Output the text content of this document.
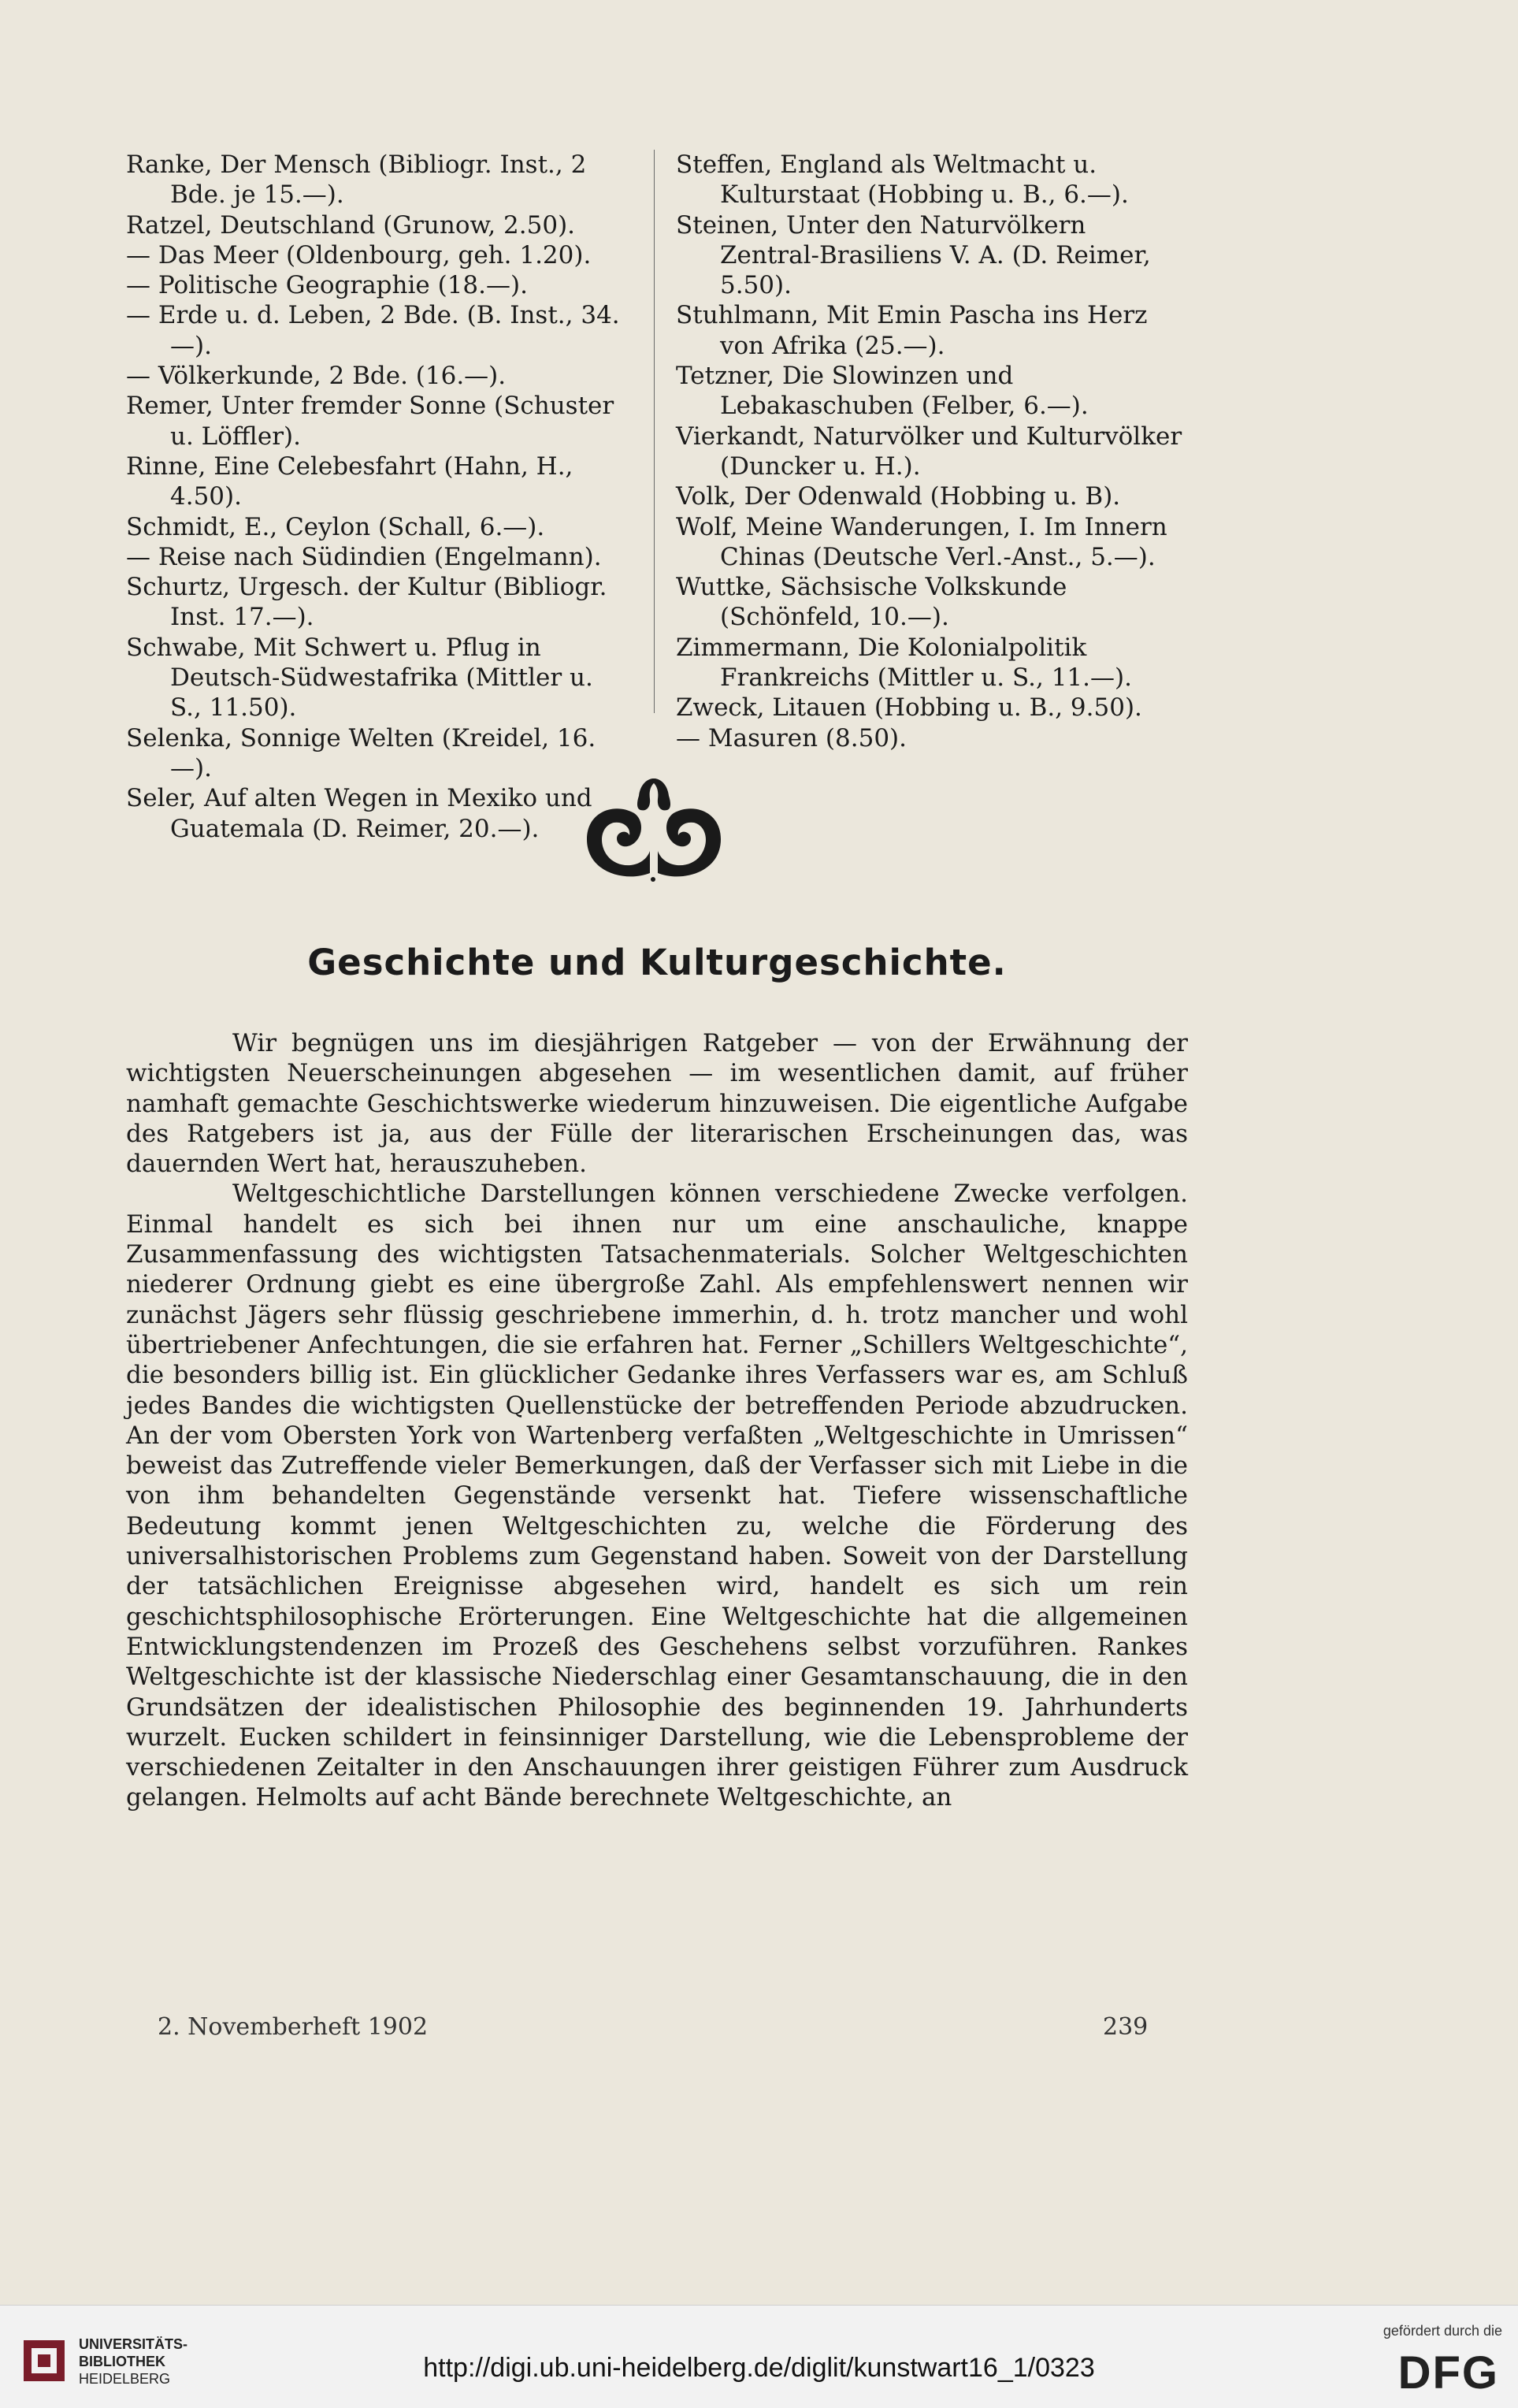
Ranke, Der Mensch (Bibliogr. Inst., 2 Bde. je 15.—).

Ratzel, Deutschland (Grunow, 2.50).

— Das Meer (Oldenbourg, geh. 1.20).

— Politische Geographie (18.—).

— Erde u. d. Leben, 2 Bde. (B. Inst., 34.—).

— Völkerkunde, 2 Bde. (16.—).

Remer, Unter fremder Sonne (Schuster u. Löffler).

Rinne, Eine Celebesfahrt (Hahn, H., 4.50).

Schmidt, E., Ceylon (Schall, 6.—).

— Reise nach Südindien (Engelmann).

Schurtz, Urgesch. der Kultur (Bibliogr. Inst. 17.—).

Schwabe, Mit Schwert u. Pflug in Deutsch-Südwestafrika (Mittler u. S., 11.50).

Selenka, Sonnige Welten (Kreidel, 16.—).

Seler, Auf alten Wegen in Mexiko und Guatemala (D. Reimer, 20.—).

Steffen, England als Weltmacht u. Kulturstaat (Hobbing u. B., 6.—).

Steinen, Unter den Naturvölkern Zentral-Brasiliens V. A. (D. Reimer, 5.50).

Stuhlmann, Mit Emin Pascha ins Herz von Afrika (25.—).

Tetzner, Die Slowinzen und Lebakaschuben (Felber, 6.—).

Vierkandt, Naturvölker und Kulturvölker (Duncker u. H.).

Volk, Der Odenwald (Hobbing u. B).

Wolf, Meine Wanderungen, I. Im Innern Chinas (Deutsche Verl.-Anst., 5.—).

Wuttke, Sächsische Volkskunde (Schönfeld, 10.—).

Zimmermann, Die Kolonialpolitik Frankreichs (Mittler u. S., 11.—).

Zweck, Litauen (Hobbing u. B., 9.50).

— Masuren (8.50).

Geschichte und Kulturgeschichte.

Wir begnügen uns im diesjährigen Ratgeber — von der Erwähnung der wichtigsten Neuerscheinungen abgesehen — im wesentlichen damit, auf früher namhaft gemachte Geschichtswerke wiederum hinzuweisen. Die eigentliche Aufgabe des Ratgebers ist ja, aus der Fülle der literarischen Erscheinungen das, was dauernden Wert hat, herauszuheben.

Weltgeschichtliche Darstellungen können verschiedene Zwecke verfolgen. Einmal handelt es sich bei ihnen nur um eine anschauliche, knappe Zusammenfassung des wichtigsten Tatsachenmaterials. Solcher Weltgeschichten niederer Ordnung giebt es eine übergroße Zahl. Als empfehlenswert nennen wir zunächst Jägers sehr flüssig geschriebene immerhin, d. h. trotz mancher und wohl übertriebener Anfechtungen, die sie erfahren hat. Ferner „Schillers Weltgeschichte“, die besonders billig ist. Ein glücklicher Gedanke ihres Verfassers war es, am Schluß jedes Bandes die wichtigsten Quellenstücke der betreffenden Periode abzudrucken. An der vom Obersten York von Wartenberg verfaßten „Weltgeschichte in Umrissen“ beweist das Zutreffende vieler Bemerkungen, daß der Verfasser sich mit Liebe in die von ihm behandelten Gegenstände versenkt hat. Tiefere wissenschaftliche Bedeutung kommt jenen Weltgeschichten zu, welche die Förderung des universalhistorischen Problems zum Gegenstand haben. Soweit von der Darstellung der tatsächlichen Ereignisse abgesehen wird, handelt es sich um rein geschichtsphilosophische Erörterungen. Eine Weltgeschichte hat die allgemeinen Entwicklungstendenzen im Prozeß des Geschehens selbst vorzuführen. Rankes Weltgeschichte ist der klassische Niederschlag einer Gesamtanschauung, die in den Grundsätzen der idealistischen Philosophie des beginnenden 19. Jahrhunderts wurzelt. Eucken schildert in feinsinniger Darstellung, wie die Lebensprobleme der verschiedenen Zeitalter in den Anschauungen ihrer geistigen Führer zum Ausdruck gelangen. Helmolts auf acht Bände berechnete Weltgeschichte, an

2. Novemberheft 1902	239
UNIVERSITÄTS-
BIBLIOTHEK
HEIDELBERG	http://digi.ub.uni-heidelberg.de/diglit/kunstwart16_1/0323
gefördert durch die
DFG
